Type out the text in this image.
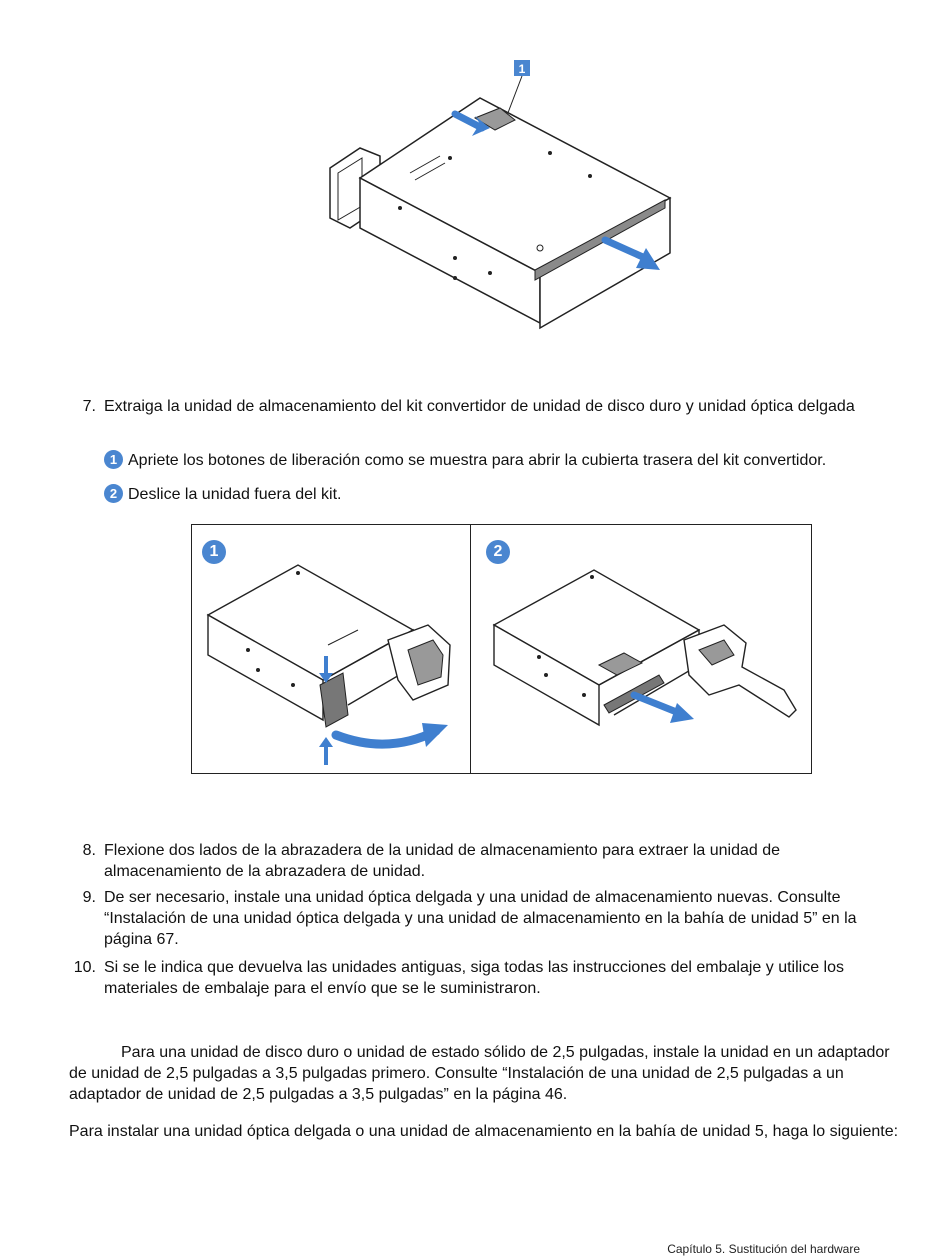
1
7. Extraiga la unidad de almacenamiento del kit convertidor de unidad de disco duro y unidad óptica delgada
1 Apriete los botones de liberación como se muestra para abrir la cubierta trasera del kit convertidor.
2 Deslice la unidad fuera del kit.
1	2
8. Flexione dos lados de la abrazadera de la unidad de almacenamiento para extraer la unidad de almacenamiento de la abrazadera de unidad.
9. De ser necesario, instale una unidad óptica delgada y una unidad de almacenamiento nuevas. Consulte “Instalación de una unidad óptica delgada y una unidad de almacenamiento en la bahía de unidad 5” en la página 67.
10. Si se le indica que devuelva las unidades antiguas, siga todas las instrucciones del embalaje y utilice los materiales de embalaje para el envío que se le suministraron.
Para una unidad de disco duro o unidad de estado sólido de 2,5 pulgadas, instale la unidad en un adaptador de unidad de 2,5 pulgadas a 3,5 pulgadas primero. Consulte “Instalación de una unidad de 2,5 pulgadas a un adaptador de unidad de 2,5 pulgadas a 3,5 pulgadas” en la página 46.
Para instalar una unidad óptica delgada o una unidad de almacenamiento en la bahía de unidad 5, haga lo siguiente:
Capítulo 5. Sustitución del hardware
